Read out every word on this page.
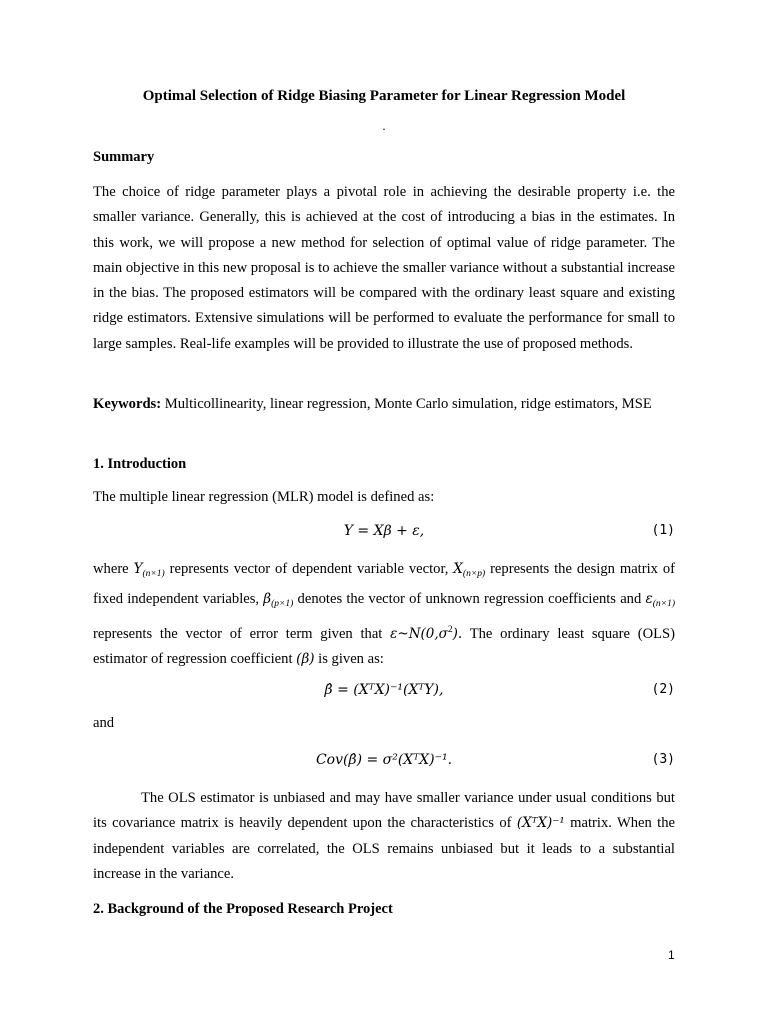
Optimal Selection of Ridge Biasing Parameter for Linear Regression Model
.
Summary

The choice of ridge parameter plays a pivotal role in achieving the desirable property i.e. the smaller variance. Generally, this is achieved at the cost of introducing a bias in the estimates. In this work, we will propose a new method for selection of optimal value of ridge parameter. The main objective in this new proposal is to achieve the smaller variance without a substantial increase in the bias. The proposed estimators will be compared with the ordinary least square and existing ridge estimators. Extensive simulations will be performed to evaluate the performance for small to large samples. Real-life examples will be provided to illustrate the use of proposed methods.

Keywords: Multicollinearity, linear regression, Monte Carlo simulation, ridge estimators, MSE

1. Introduction

The multiple linear regression (MLR) model is defined as:

Y = Xβ + ε,	(1)

where $Y_{(n\times 1)}$ represents vector of dependent variable vector, $X_{(n\times p)}$ represents the design matrix of fixed independent variables, $\beta_{(p\times 1)}$ denotes the vector of unknown regression coefficients and $\varepsilon_{(n\times 1)}$ represents the vector of error term given that $\varepsilon\sim N(0,\sigma^2)$. The ordinary least square (OLS) estimator of regression coefficient (β) is given as:

β̂ = (XᵀX)⁻¹(XᵀY),	(2)

and

Cov(β̂) = σ²(XᵀX)⁻¹.	(3)

The OLS estimator is unbiased and may have smaller variance under usual conditions but its covariance matrix is heavily dependent upon the characteristics of (XᵀX)⁻¹ matrix. When the independent variables are correlated, the OLS remains unbiased but it leads to a substantial increase in the variance.

2. Background of the Proposed Research Project
1
